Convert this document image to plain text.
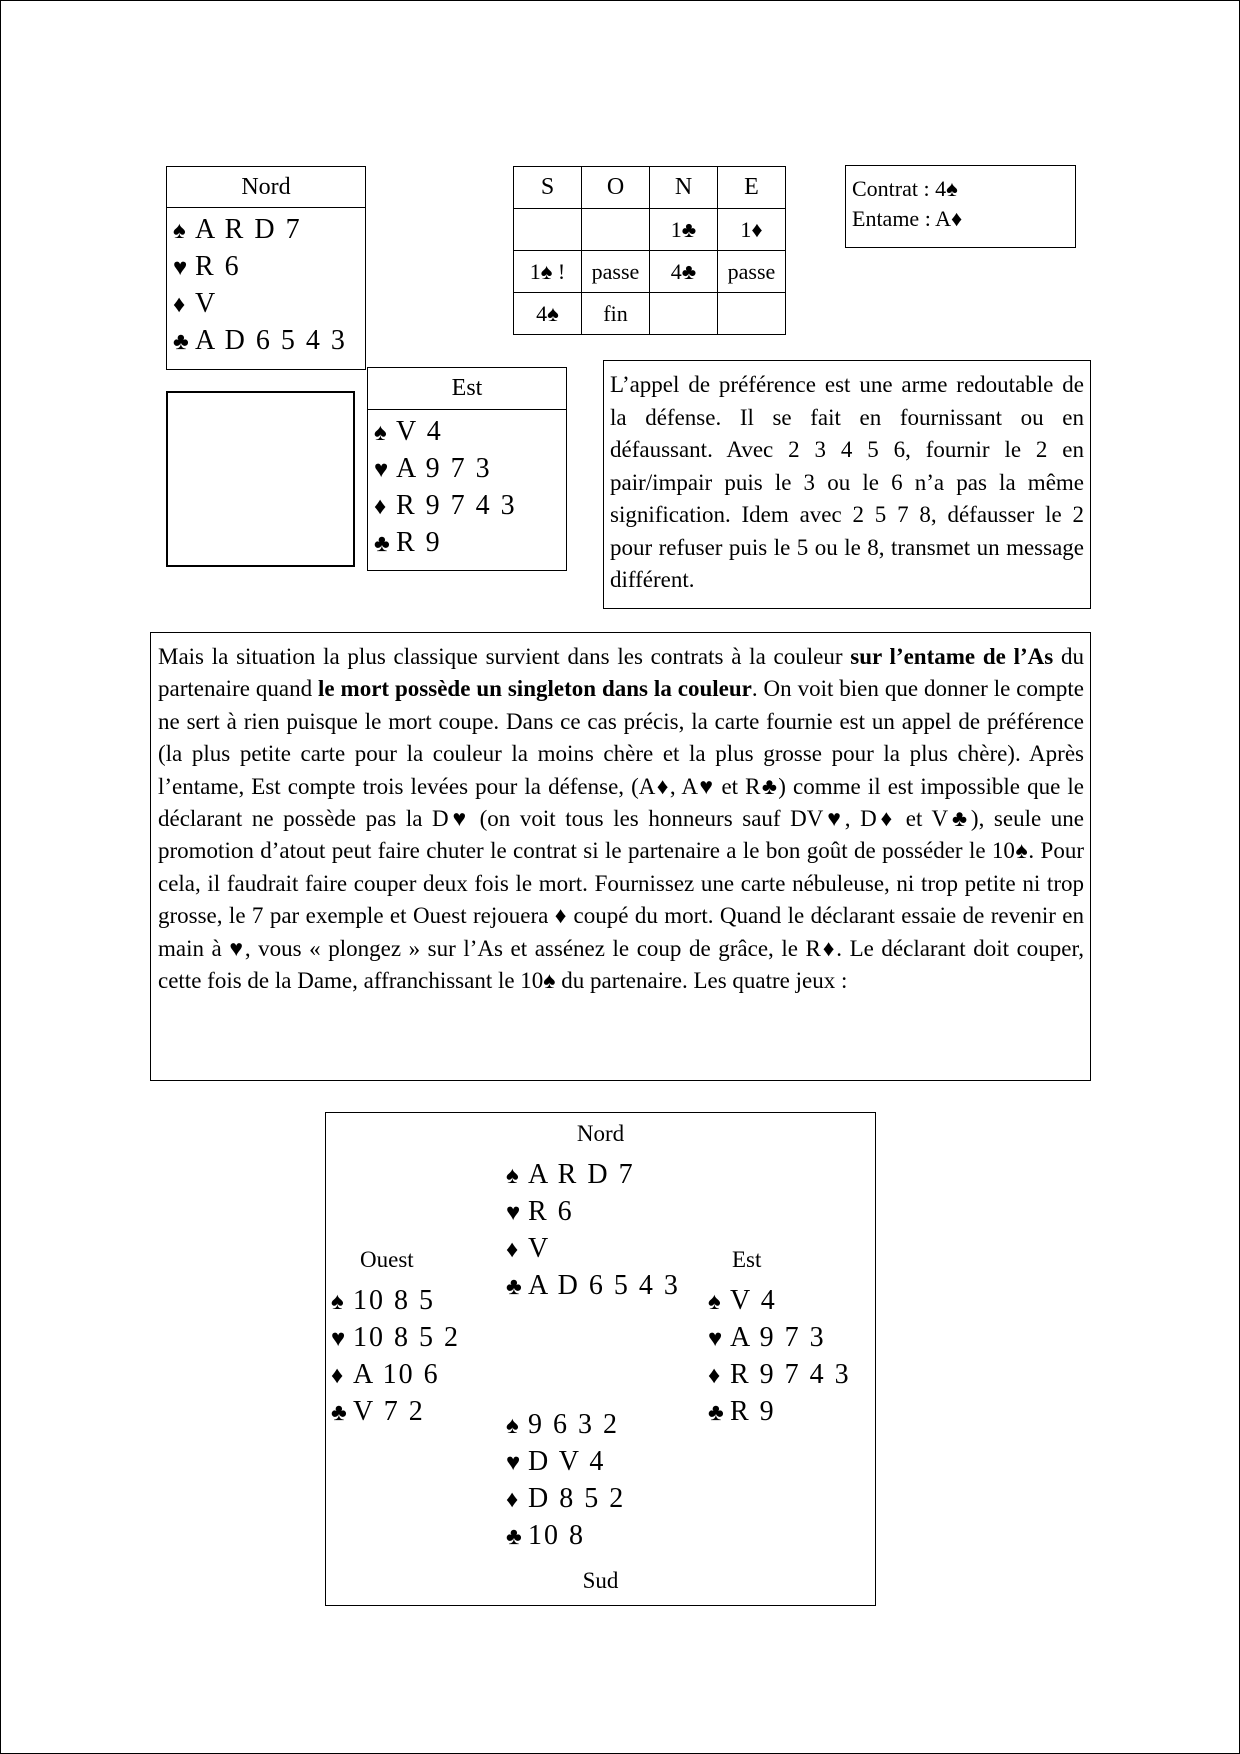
Nord
♠ A R D 7
♥ R 6
♦ V
♣ A D 6 5 4 3
Est
♠ V 4
♥ A 9 7 3
♦ R 9 7 4 3
♣ R 9
S	O	N	E
		1♣	1♦
1♠ !	passe	4♣	passe
4♠	fin		
Contrat : 4♠
Entame : A♦

L’appel de préférence est une arme redoutable de la défense. Il se fait en fournissant ou en défaussant. Avec 2 3 4 5 6, fournir le 2 en pair/impair puis le 3 ou le 6 n’a pas la même signification. Idem avec 2 5 7 8, défausser le 2 pour refuser puis le 5 ou le 8, transmet un message différent.

Mais la situation la plus classique survient dans les contrats à la couleur sur l’entame de l’As du partenaire quand le mort possède un singleton dans la couleur. On voit bien que donner le compte ne sert à rien puisque le mort coupe. Dans ce cas précis, la carte fournie est un appel de préférence (la plus petite carte pour la couleur la moins chère et la plus grosse pour la plus chère). Après l’entame, Est compte trois levées pour la défense, (A♦, A♥ et R♣) comme il est impossible que le déclarant ne possède pas la D♥ (on voit tous les honneurs sauf DV♥, D♦ et V♣), seule une promotion d’atout peut faire chuter le contrat si le partenaire a le bon goût de posséder le 10♠. Pour cela, il faudrait faire couper deux fois le mort. Fournissez une carte nébuleuse, ni trop petite ni trop grosse, le 7 par exemple et Ouest rejouera ♦ coupé du mort. Quand le déclarant essaie de revenir en main à ♥, vous « plongez » sur l’As et assénez le coup de grâce, le R♦. Le déclarant doit couper, cette fois de la Dame, affranchissant le 10♠ du partenaire. Les quatre jeux :

Nord
♠ A R D 7
♥ R 6
♦ V
♣ A D 6 5 4 3
Ouest
♠ 10 8 5
♥ 10 8 5 2
♦ A 10 6
♣ V 7 2
Est
♠ V 4
♥ A 9 7 3
♦ R 9 7 4 3
♣ R 9
♠ 9 6 3 2
♥ D V 4
♦ D 8 5 2
♣ 10 8
Sud
